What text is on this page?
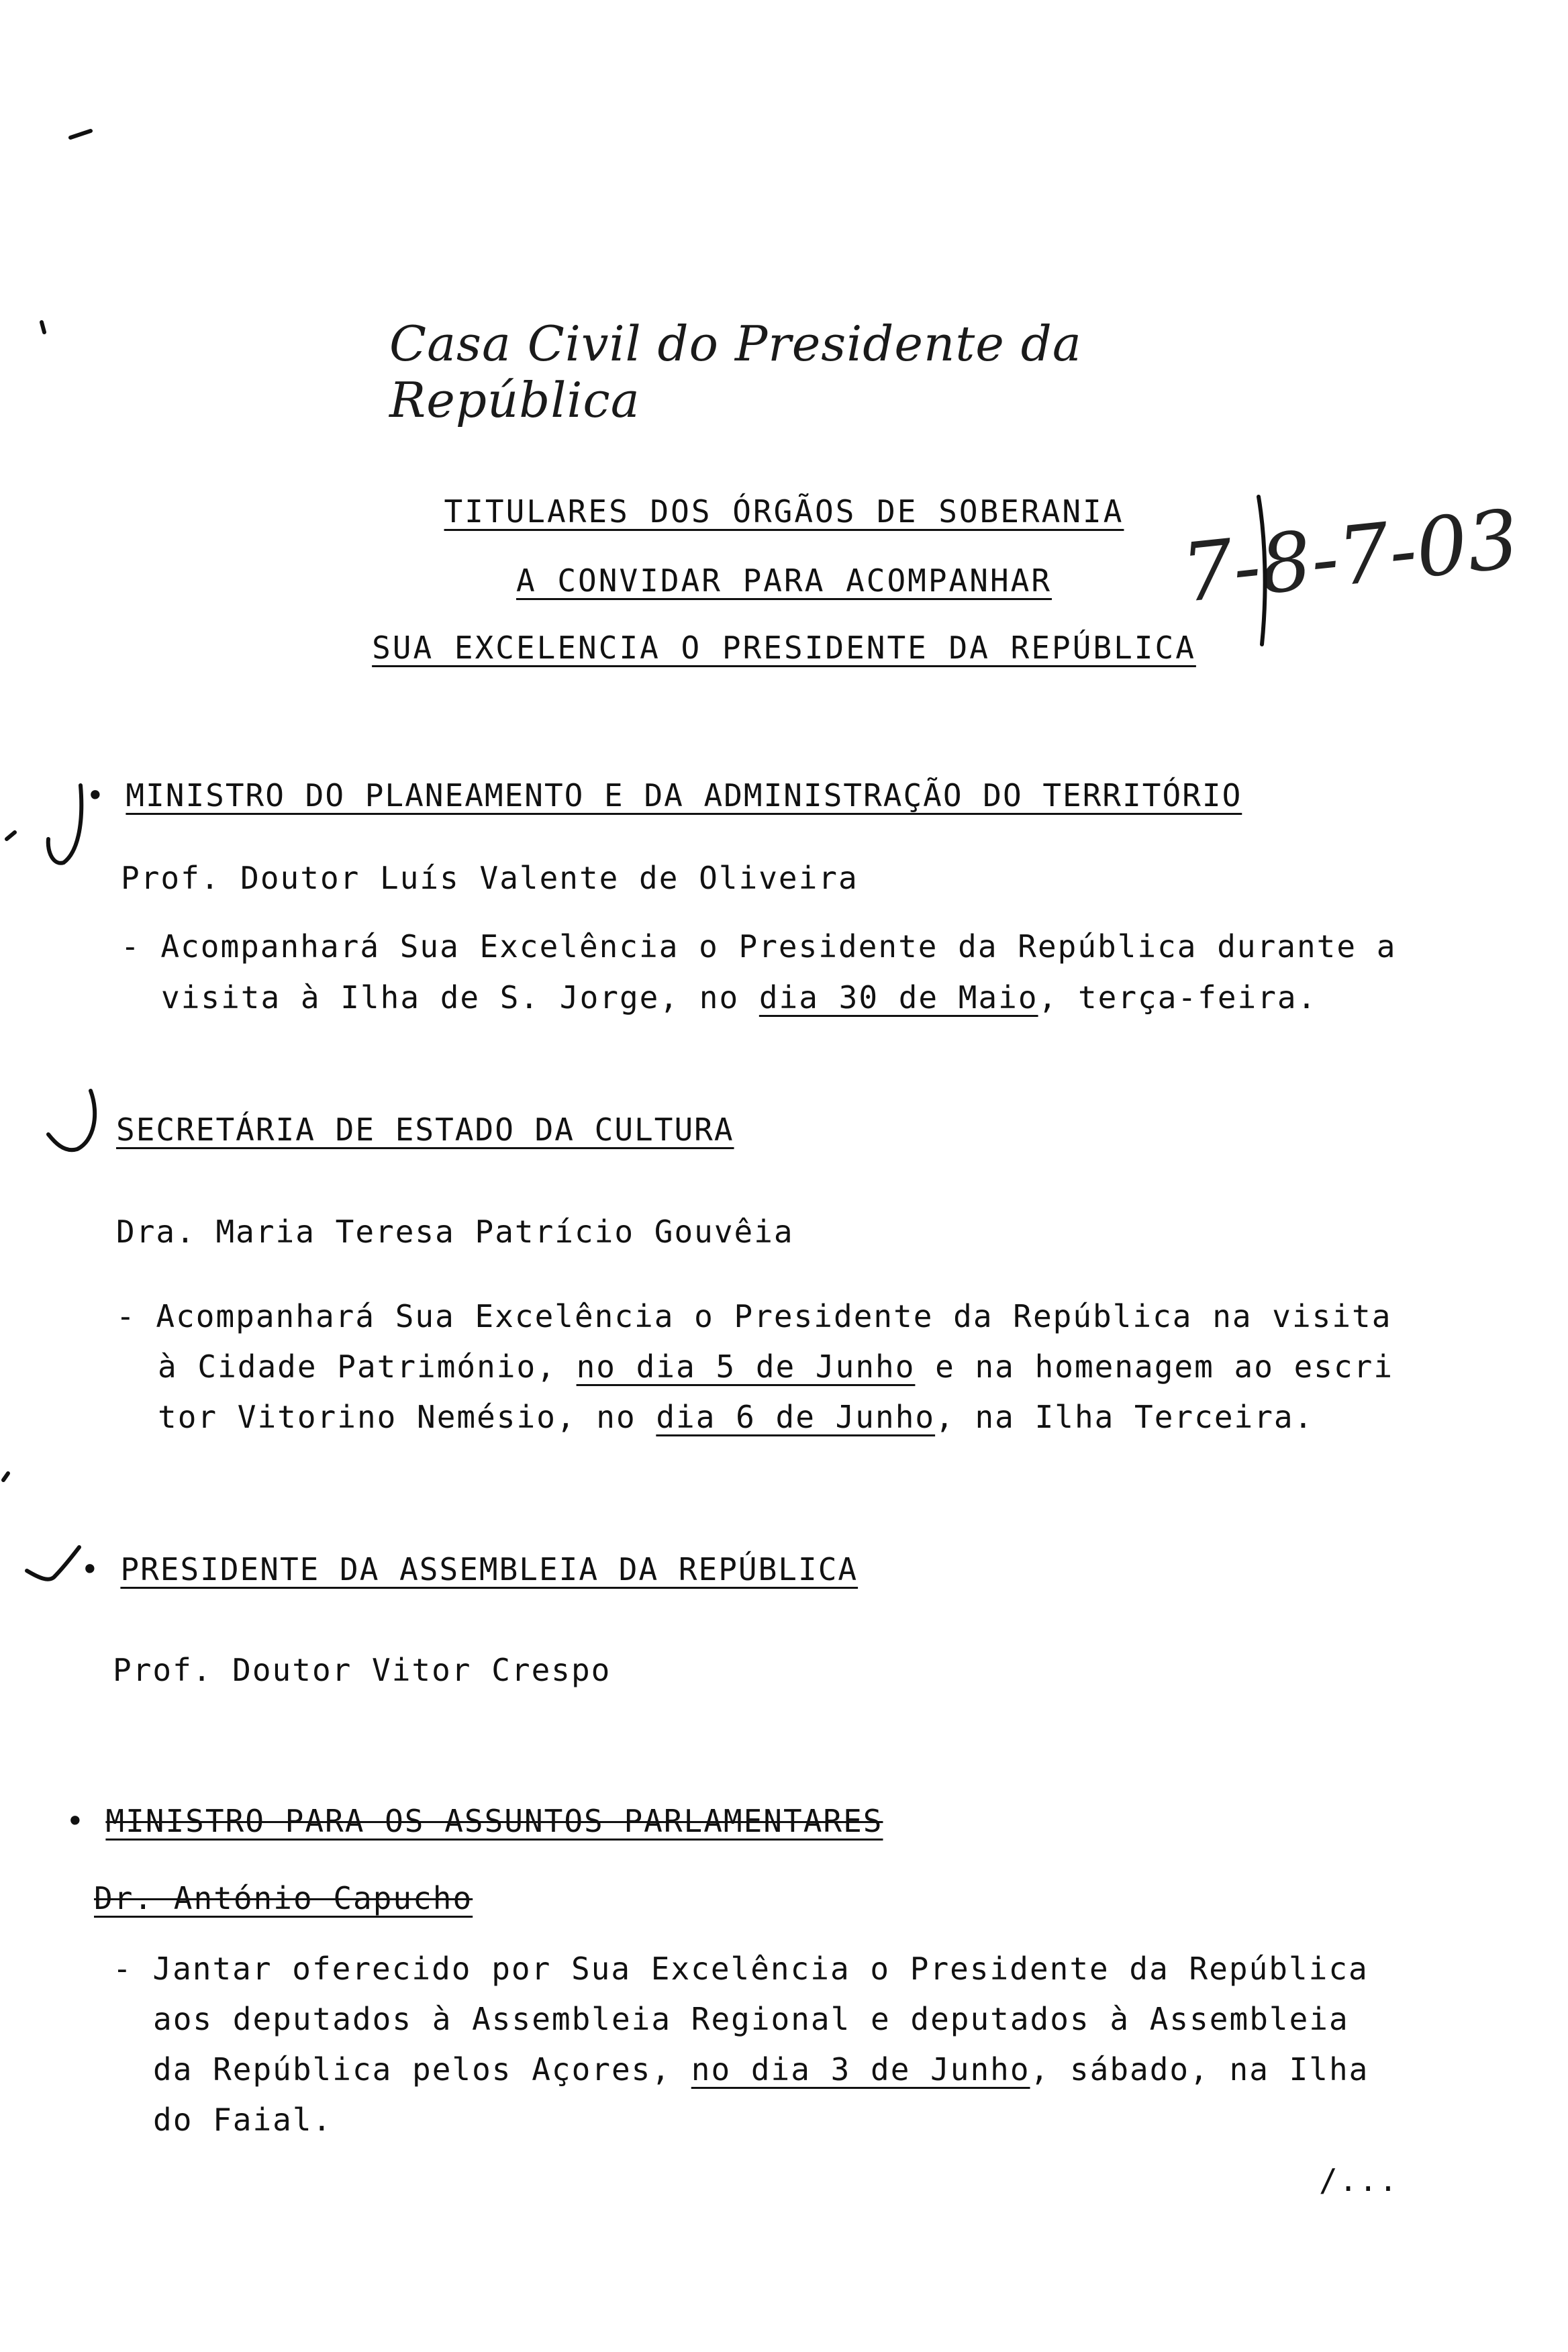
Casa Civil do Presidente da República
TITULARES DOS ÓRGÃOS DE SOBERANIA
A CONVIDAR PARA ACOMPANHAR
SUA EXCELENCIA O PRESIDENTE DA REPÚBLICA
• MINISTRO DO PLANEAMENTO E DA ADMINISTRAÇÃO DO TERRITÓRIO
Prof. Doutor Luís Valente de Oliveira
- Acompanhará Sua Excelência o Presidente da República durante a
visita à Ilha de S. Jorge, no dia 30 de Maio, terça-feira.
SECRETÁRIA DE ESTADO DA CULTURA
Dra. Maria Teresa Patrício Gouvêia
- Acompanhará Sua Excelência o Presidente da República na visita
à Cidade Património, no dia 5 de Junho e na homenagem ao escri
tor Vitorino Nemésio, no dia 6 de Junho, na Ilha Terceira.
• PRESIDENTE DA ASSEMBLEIA DA REPÚBLICA
Prof. Doutor Vitor Crespo
• MINISTRO PARA OS ASSUNTOS PARLAMENTARES
Dr. António Capucho
- Jantar oferecido por Sua Excelência o Presidente da República
aos deputados à Assembleia Regional e deputados à Assembleia
da República pelos Açores, no dia 3 de Junho, sábado, na Ilha
do Faial.
/...
7-8-7-03
